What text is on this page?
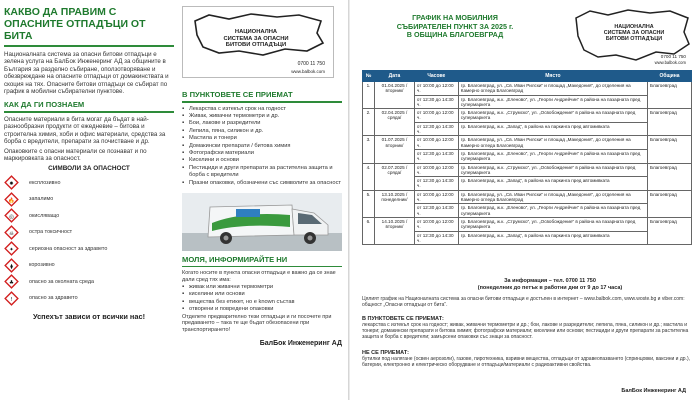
КАКВО ДА ПРАВИМ С
ОПАСНИТЕ ОТПАДЪЦИ ОТ БИТА

Националната система за опасни битови отпадъци е зелена услуга на БалБок Инженеринг АД за общините в България за разделно събиране, оползотворяване и обезвреждане на опасните отпадъци от домакинствата и скоция на тях. Опасните битови отпадъци се събират по график в мобилни събирателни пунктове.

КАК ДА ГИ ПОЗНАЕМ

Опасните материали в бита могат да бъдат в най-разнообразни продукти от ежедневие – битова и строителна химия, хоби и офис материали, средства за борба с вредители, препарати за почистване и др.

Опаковките с опасни материали се познават и по маркировката за опасност.

СИМВОЛИ ЗА ОПАСНОСТ
✸	експлозивно
🔥	запалимо
◎	окисляващо
☠	остра токсичност
✦	сериозна опасност за здравето
⧫	корозивно
♣	опасно за околната среда
!	опасно за здравето
Успехът зависи от всички нас!
НАЦИОНАЛНА
СИСТЕМА ЗА ОПАСНИ
БИТОВИ ОТПАДЪЦИ
0700 11 750
www.balbok.com
В ПУНКТОВЕТЕ СЕ ПРИЕМАТ
▪ Лекарства с изтекъл срок на годност
▪ Живак, живачни термометри и др.
▪ Бои, лакове и разредители
▪ Лепила, пяна, силикон и др.
▪ Мастила и тонери
▪ Домакински препарати / битова химия
▪ Фотографски материали
▪ Киселини и основи
▪ Пестициди и други препарати за растителна защита и борба с вредители
▪ Празни опаковки, обозначени със символите за опасност
МОЛЯ, ИНФОРМИРАЙТЕ НИ

Когато носите в пункта опасни отпадъци е важно да се знае дали сред тях има:

▪ живак или живачни термометри
▪ киселини или основи
▪ вещества без етикет, но е known състав
▪ отворени и повредени опаковки

Отделете предварително тези отпадъци и ги посочете при предаването – така те ще бъдат обезопасени при транспортирането!

БалБок Инженеринг АД
ГРАФИК НА МОБИЛНИЯ
СЪБИРАТЕЛЕН ПУНКТ ЗА 2025 г.
В ОБЩИНА БЛАГОЕВГРАД
НАЦИОНАЛНА
СИСТЕМА ЗА ОПАСНИ
БИТОВИ ОТПАДЪЦИ
0700 11 750
www.balbok.com
№	Дата	Часове	Място	Община
1.	01.04.2025 /вторник/	от 10:00 до 12:00 ч.	гр. Благоевград, ул. „Св. Иван Рилски“ и площад „Македония“, до отделения на Камерно огледа Благоевград	Благоевград
		от 12:30 до 14:30 ч.	гр. Благоевград, ж.к. „Еленово“, ул. „Георги Андрейчин“ в района на пазарната пред супермаркета	
2.	02.04.2025 /сряда/	от 10:00 до 12:00 ч.	гр. Благоевград, ж.к. „Струмско“, ул. „Освобождение“ в района на пазарната пред супермаркета	Благоевград
		от 12:30 до 14:30 ч.	гр. Благоевград, ж.к. „Запад“, в района на паркинга пред автомивката	
3.	01.07.2025 /вторник/	от 10:00 до 12:00 ч.	гр. Благоевград, ул. „Св. Иван Рилски“ и площад „Македония“, до отделения на Камерно огледа Благоевград	Благоевград
		от 12:30 до 14:30 ч.	гр. Благоевград, ж.к. „Еленово“, ул. „Георги Андрейчин“ в района на пазарната пред супермаркета	
4.	02.07.2025 /сряда/	от 10:00 до 12:00 ч.	гр. Благоевград, ж.к. „Струмско“, ул. „Освобождение“ в района на пазарната пред супермаркета	Благоевград
		от 12:30 до 14:30 ч.	гр. Благоевград, ж.к. „Запад“, в района на паркинга пред автомивката	
5.	13.10.2025 /понеделник/	от 10:00 до 12:00 ч.	гр. Благоевград, ул. „Св. Иван Рилски“ и площад „Македония“, до отделения на Камерно огледа Благоевград	Благоевград
		от 12:30 до 14:30 ч.	гр. Благоевград, ж.к. „Еленово“, ул. „Георги Андрейчин“ в района на пазарната пред супермаркета	
6.	14.10.2025 /вторник/	от 10:00 до 12:00 ч.	гр. Благоевград, ж.к. „Струмско“, ул. „Освобождение“ в района на пазарната пред супермаркета	Благоевград
		от 12:30 до 14:30 ч.	гр. Благоевград, ж.к. „Запад“, в района на паркинга пред автомивката	
За информация – тел. 0700 11 750
(понеделник до петък в работни дни от 9 до 17 часа)
Цялият график на Националната система за опасни битови отпадъци е достъпен в интернет – www.balbok.com, www.woste.bg и viber.com: общност „Опасни отпадъци от бита“.
В ПУНКТОВЕТЕ СЕ ПРИЕМАТ:
лекарства с изтекъл срок на годност; живак, живачни термометри и др.; бои, лакове и разредители; лепила, пяна, силикон и др.; мастила и тонери; домакински препарати и битова химия; фотографски материали; киселини или основи; пестициди и други препарати за растителна защита и борба с вредители; замърсени опаковки със знаци за опасност.
НЕ СЕ ПРИЕМАТ:
бутилки под налягане (освен аерозоли), газове, пиротехника, взривни вещества, отпадъци от здравеопазването (спринцовки, ваксини и др.), батерии, електронно и електрическо оборудване и отпадъци/материали с радиоактивни свойства.
БалБок Инженеринг АД
